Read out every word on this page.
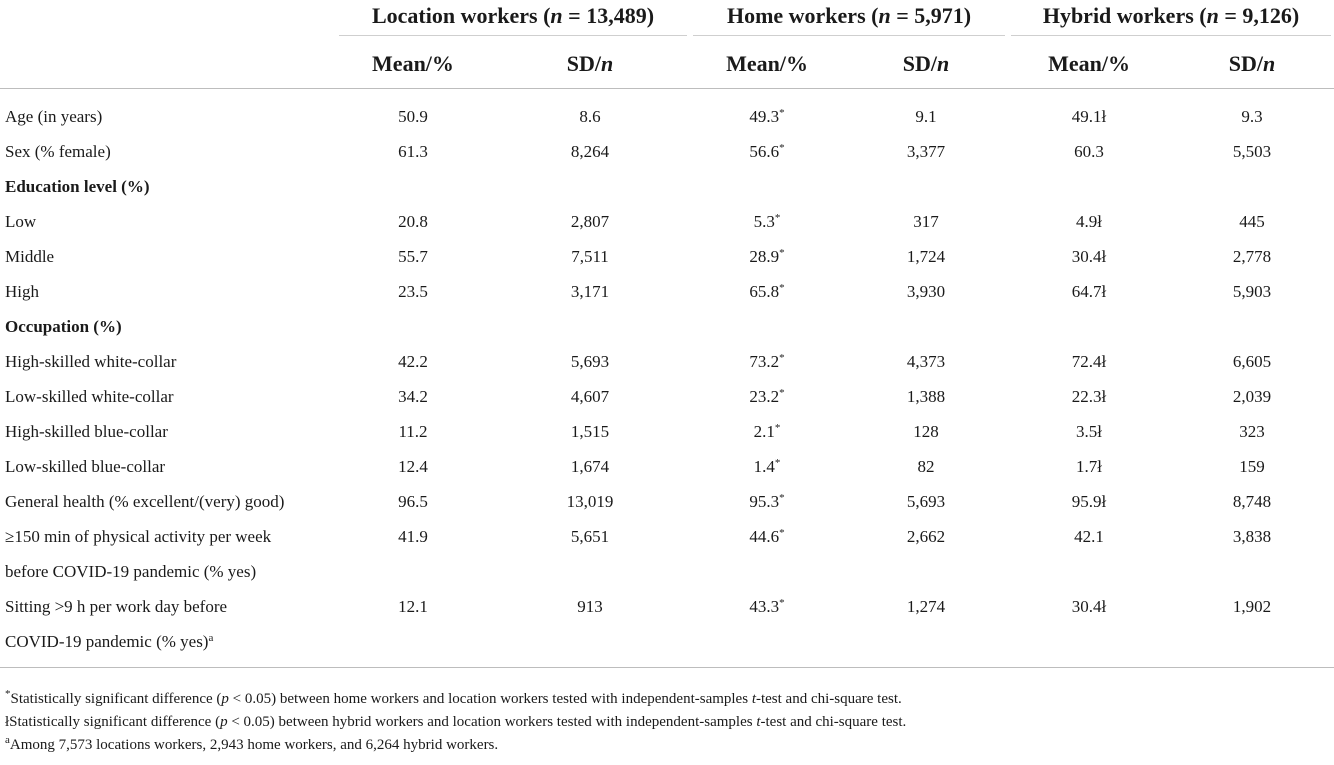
	Location workers (n = 13,489)		Home workers (n = 5,971)		Hybrid workers (n = 9,126)	

	Mean/%	SD/n	Mean/%	SD/n	Mean/%	SD/n

Age (in years)	50.9	8.6	49.3*	9.1	49.1ł	9.3
Sex (% female)	61.3	8,264	56.6*	3,377	60.3	5,503
Education level (%)						
Low	20.8	2,807	5.3*	317	4.9ł	445
Middle	55.7	7,511	28.9*	1,724	30.4ł	2,778
High	23.5	3,171	65.8*	3,930	64.7ł	5,903
Occupation (%)						
High-skilled white-collar	42.2	5,693	73.2*	4,373	72.4ł	6,605
Low-skilled white-collar	34.2	4,607	23.2*	1,388	22.3ł	2,039
High-skilled blue-collar	11.2	1,515	2.1*	128	3.5ł	323
Low-skilled blue-collar	12.4	1,674	1.4*	82	1.7ł	159
General health (% excellent/(very) good)	96.5	13,019	95.3*	5,693	95.9ł	8,748
≥150 min of physical activity per week	41.9	5,651	44.6*	2,662	42.1	3,838
before COVID-19 pandemic (% yes)						
Sitting >9 h per work day before	12.1	913	43.3*	1,274	30.4ł	1,902
COVID-19 pandemic (% yes)$^a$						

*Statistically significant difference (p < 0.05) between home workers and location workers tested with independent-samples t-test and chi-square test.
łStatistically significant difference (p < 0.05) between hybrid workers and location workers tested with independent-samples t-test and chi-square test.
$^a$Among 7,573 locations workers, 2,943 home workers, and 6,264 hybrid workers.
